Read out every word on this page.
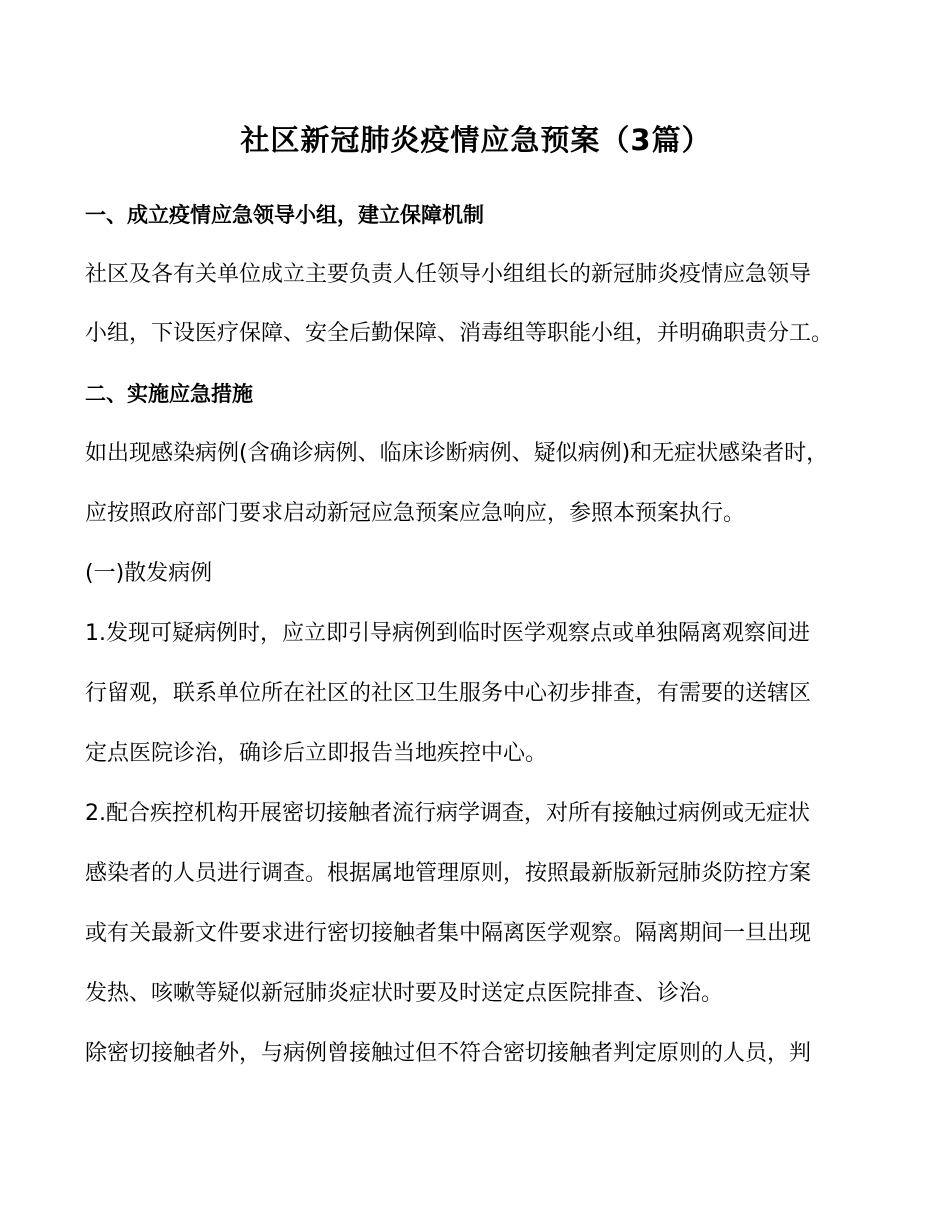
社区新冠肺炎疫情应急预案（3篇）
一、成立疫情应急领导小组，建立保障机制
社区及各有关单位成立主要负责人任领导小组组长的新冠肺炎疫情应急领导
小组，下设医疗保障、安全后勤保障、消毒组等职能小组，并明确职责分工。
二、实施应急措施
如出现感染病例(含确诊病例、临床诊断病例、疑似病例)和无症状感染者时，
应按照政府部门要求启动新冠应急预案应急响应，参照本预案执行。
(一)散发病例
1.发现可疑病例时，应立即引导病例到临时医学观察点或单独隔离观察间进
行留观，联系单位所在社区的社区卫生服务中心初步排查，有需要的送辖区
定点医院诊治，确诊后立即报告当地疾控中心。
2.配合疾控机构开展密切接触者流行病学调查，对所有接触过病例或无症状
感染者的人员进行调查。根据属地管理原则，按照最新版新冠肺炎防控方案
或有关最新文件要求进行密切接触者集中隔离医学观察。隔离期间一旦出现
发热、咳嗽等疑似新冠肺炎症状时要及时送定点医院排查、诊治。
除密切接触者外，与病例曾接触过但不符合密切接触者判定原则的人员，判
